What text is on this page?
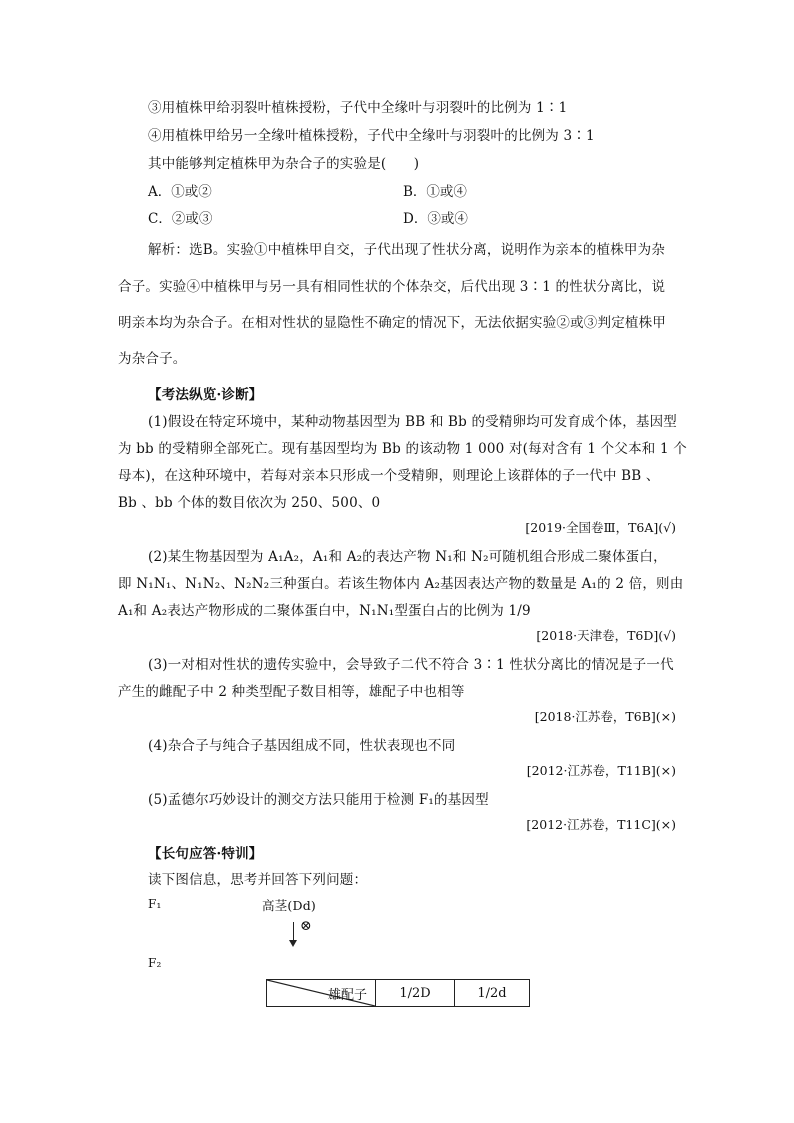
③用植株甲给羽裂叶植株授粉，子代中全缘叶与羽裂叶的比例为 1∶1
④用植株甲给另一全缘叶植株授粉，子代中全缘叶与羽裂叶的比例为 3∶1
其中能够判定植株甲为杂合子的实验是(　　)
A．①或②	B．①或④
C．②或③	D．③或④
解析：选B。实验①中植株甲自交，子代出现了性状分离，说明作为亲本的植株甲为杂
合子。实验④中植株甲与另一具有相同性状的个体杂交，后代出现 3∶1 的性状分离比，说
明亲本均为杂合子。在相对性状的显隐性不确定的情况下，无法依据实验②或③判定植株甲
为杂合子。
【考法纵览·诊断】
(1)假设在特定环境中，某种动物基因型为 BB 和 Bb 的受精卵均可发育成个体，基因型
为 bb 的受精卵全部死亡。现有基因型均为 Bb 的该动物 1 000 对(每对含有 1 个父本和 1 个
母本)，在这种环境中，若每对亲本只形成一个受精卵，则理论上该群体的子一代中 BB 、
Bb 、bb 个体的数目依次为 250、500、0
[2019·全国卷Ⅲ，T6A](√)
(2)某生物基因型为 A₁A₂，A₁和 A₂的表达产物 N₁和 N₂可随机组合形成二聚体蛋白，
即 N₁N₁、N₁N₂、N₂N₂三种蛋白。若该生物体内 A₂基因表达产物的数量是 A₁的 2 倍，则由
A₁和 A₂表达产物形成的二聚体蛋白中，N₁N₁型蛋白占的比例为 1/9
[2018·天津卷，T6D](√)
(3)一对相对性状的遗传实验中，会导致子二代不符合 3∶1 性状分离比的情况是子一代
产生的雌配子中 2 种类型配子数目相等，雄配子中也相等
[2018·江苏卷，T6B](×)
(4)杂合子与纯合子基因组成不同，性状表现也不同
[2012·江苏卷，T11B](×)
(5)孟德尔巧妙设计的测交方法只能用于检测 F₁的基因型
[2012·江苏卷，T11C](×)
【长句应答·特训】
读下图信息，思考并回答下列问题：
F₁	高茎(Dd)
⊗
F₂
雄配子	1/2D	1/2d
